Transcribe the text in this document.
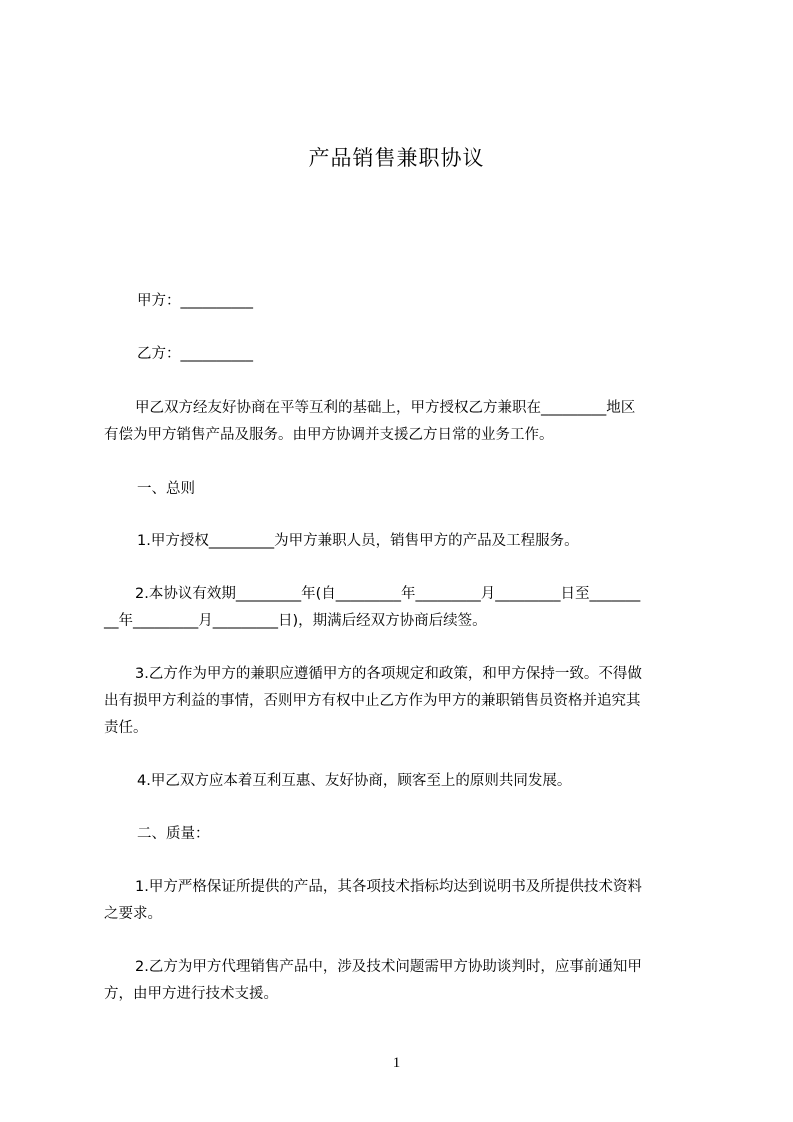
产品销售兼职协议
甲方：__________
乙方：__________
甲乙双方经友好协商在平等互利的基础上，甲方授权乙方兼职在_________地区
有偿为甲方销售产品及服务。由甲方协调并支援乙方日常的业务工作。
一、总则
1.甲方授权_________为甲方兼职人员，销售甲方的产品及工程服务。
2.本协议有效期_________年(自_________年_________月_________日至_______
__年_________月_________日)，期满后经双方协商后续签。
3.乙方作为甲方的兼职应遵循甲方的各项规定和政策，和甲方保持一致。不得做
出有损甲方利益的事情，否则甲方有权中止乙方作为甲方的兼职销售员资格并追究其
责任。
4.甲乙双方应本着互利互惠、友好协商，顾客至上的原则共同发展。
二、质量：
1.甲方严格保证所提供的产品，其各项技术指标均达到说明书及所提供技术资料
之要求。
2.乙方为甲方代理销售产品中，涉及技术问题需甲方协助谈判时，应事前通知甲
方，由甲方进行技术支援。
1
